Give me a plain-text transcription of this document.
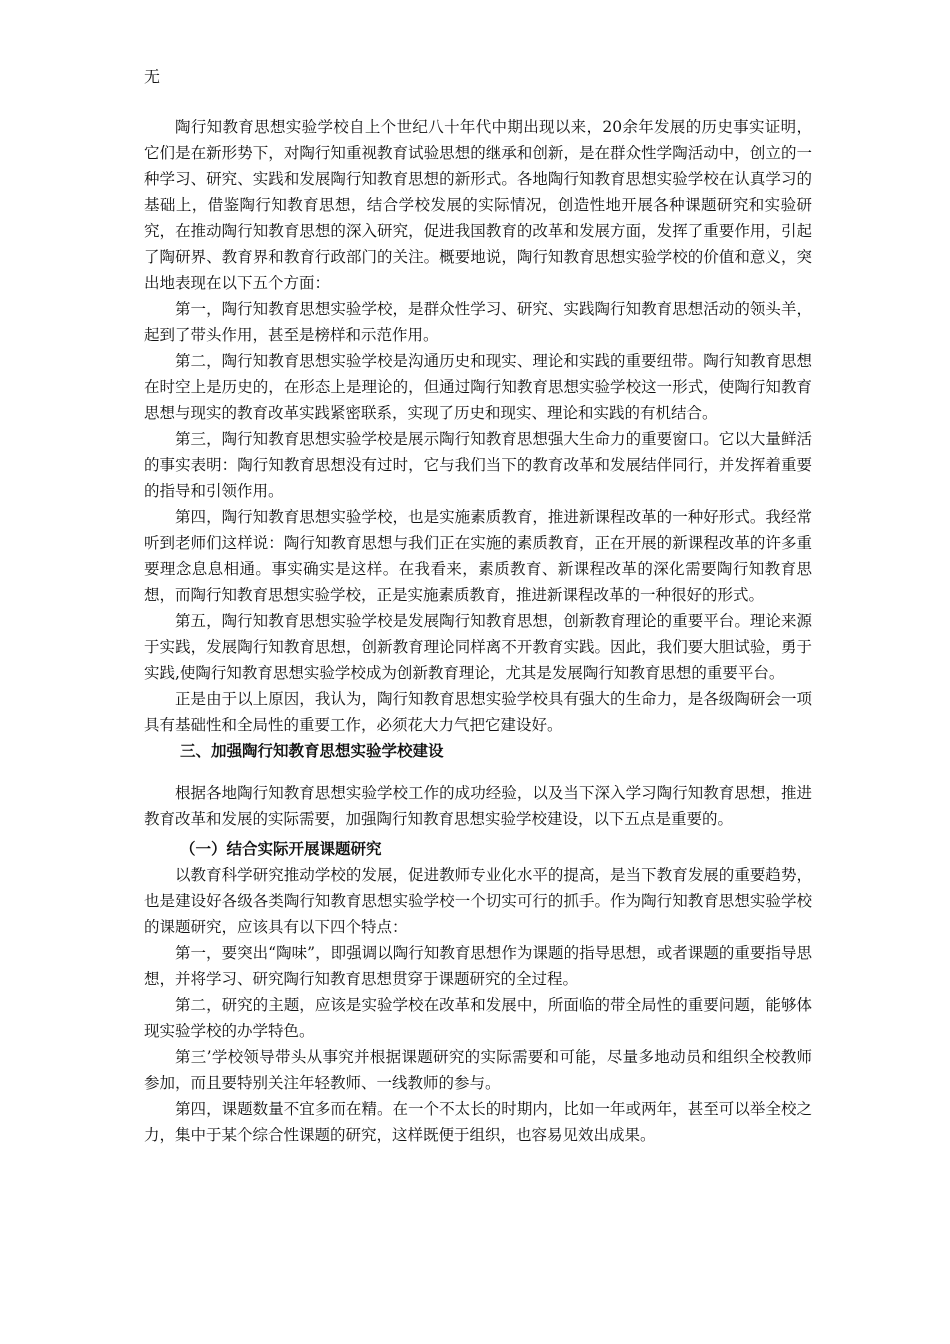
无

陶行知教育思想实验学校自上个世纪八十年代中期出现以来，20余年发展的历史事实证明，它们是在新形势下，对陶行知重视教育试验思想的继承和创新，是在群众性学陶活动中，创立的一种学习、研究、实践和发展陶行知教育思想的新形式。各地陶行知教育思想实验学校在认真学习的基础上，借鉴陶行知教育思想，结合学校发展的实际情况，创造性地开展各种课题研究和实验研究，在推动陶行知教育思想的深入研究，促进我国教育的改革和发展方面，发挥了重要作用，引起了陶研界、教育界和教育行政部门的关注。概要地说，陶行知教育思想实验学校的价值和意义，突出地表现在以下五个方面：

第一，陶行知教育思想实验学校，是群众性学习、研究、实践陶行知教育思想活动的领头羊，起到了带头作用，甚至是榜样和示范作用。

第二，陶行知教育思想实验学校是沟通历史和现实、理论和实践的重要纽带。陶行知教育思想在时空上是历史的，在形态上是理论的，但通过陶行知教育思想实验学校这一形式，使陶行知教育思想与现实的教育改革实践紧密联系，实现了历史和现实、理论和实践的有机结合。

第三，陶行知教育思想实验学校是展示陶行知教育思想强大生命力的重要窗口。它以大量鲜活的事实表明：陶行知教育思想没有过时，它与我们当下的教育改革和发展结伴同行，并发挥着重要的指导和引领作用。

第四，陶行知教育思想实验学校，也是实施素质教育，推进新课程改革的一种好形式。我经常听到老师们这样说：陶行知教育思想与我们正在实施的素质教育，正在开展的新课程改革的许多重要理念息息相通。事实确实是这样。在我看来，素质教育、新课程改革的深化需要陶行知教育思想，而陶行知教育思想实验学校，正是实施素质教育，推进新课程改革的一种很好的形式。

第五，陶行知教育思想实验学校是发展陶行知教育思想，创新教育理论的重要平台。理论来源于实践，发展陶行知教育思想，创新教育理论同样离不开教育实践。因此，我们要大胆试验，勇于实践,使陶行知教育思想实验学校成为创新教育理论，尤其是发展陶行知教育思想的重要平台。

正是由于以上原因，我认为，陶行知教育思想实验学校具有强大的生命力，是各级陶研会一项具有基础性和全局性的重要工作，必须花大力气把它建设好。

三、加强陶行知教育思想实验学校建设

根据各地陶行知教育思想实验学校工作的成功经验，以及当下深入学习陶行知教育思想，推进教育改革和发展的实际需要，加强陶行知教育思想实验学校建设，以下五点是重要的。

（一）结合实际开展课题研究

以教育科学研究推动学校的发展，促进教师专业化水平的提高，是当下教育发展的重要趋势，也是建设好各级各类陶行知教育思想实验学校一个切实可行的抓手。作为陶行知教育思想实验学校的课题研究，应该具有以下四个特点：

第一，要突出“陶味”，即强调以陶行知教育思想作为课题的指导思想，或者课题的重要指导思想，并将学习、研究陶行知教育思想贯穿于课题研究的全过程。

第二，研究的主题，应该是实验学校在改革和发展中，所面临的带全局性的重要问题，能够体现实验学校的办学特色。

第三’学校领导带头从事究并根据课题研究的实际需要和可能，尽量多地动员和组织全校教师参加，而且要特别关注年轻教师、一线教师的参与。

第四，课题数量不宜多而在精。在一个不太长的时期内，比如一年或两年，甚至可以举全校之力，集中于某个综合性课题的研究，这样既便于组织，也容易见效出成果。
